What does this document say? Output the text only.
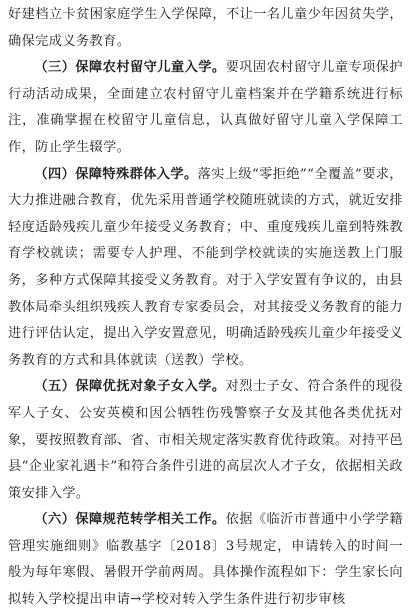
好建档立卡贫困家庭学生入学保障，不让一名儿童少年因贫失学，确保完成义务教育。

（三）保障农村留守儿童入学。要巩固农村留守儿童专项保护行动活动成果，全面建立农村留守儿童档案并在学籍系统进行标注，准确掌握在校留守儿童信息，认真做好留守儿童入学保障工作，防止学生辍学。

（四）保障特殊群体入学。落实上级“零拒绝”“全覆盖”要求，大力推进融合教育，优先采用普通学校随班就读的方式，就近安排轻度适龄残疾儿童少年接受义务教育；中、重度残疾儿童到特殊教育学校就读；需要专人护理、不能到学校就读的实施送教上门服务，多种方式保障其接受义务教育。对于入学安置有争议的，由县教体局牵头组织残疾人教育专家委员会，对其接受义务教育的能力进行评估认定，提出入学安置意见，明确适龄残疾儿童少年接受义务教育的方式和具体就读（送教）学校。

（五）保障优抚对象子女入学。对烈士子女、符合条件的现役军人子女、公安英模和因公牺牲伤残警察子女及其他各类优抚对象，要按照教育部、省、市相关规定落实教育优待政策。对持平邑县“企业家礼遇卡”和符合条件引进的高层次人才子女，依据相关政策安排入学。

（六）保障规范转学相关工作。依据《临沂市普通中小学学籍管理实施细则》临教基字〔2018〕3号规定，申请转入的时间一般为每年寒假、暑假开学前两周。具体操作流程如下：学生家长向拟转入学校提出申请→学校对转入学生条件进行初步审核
